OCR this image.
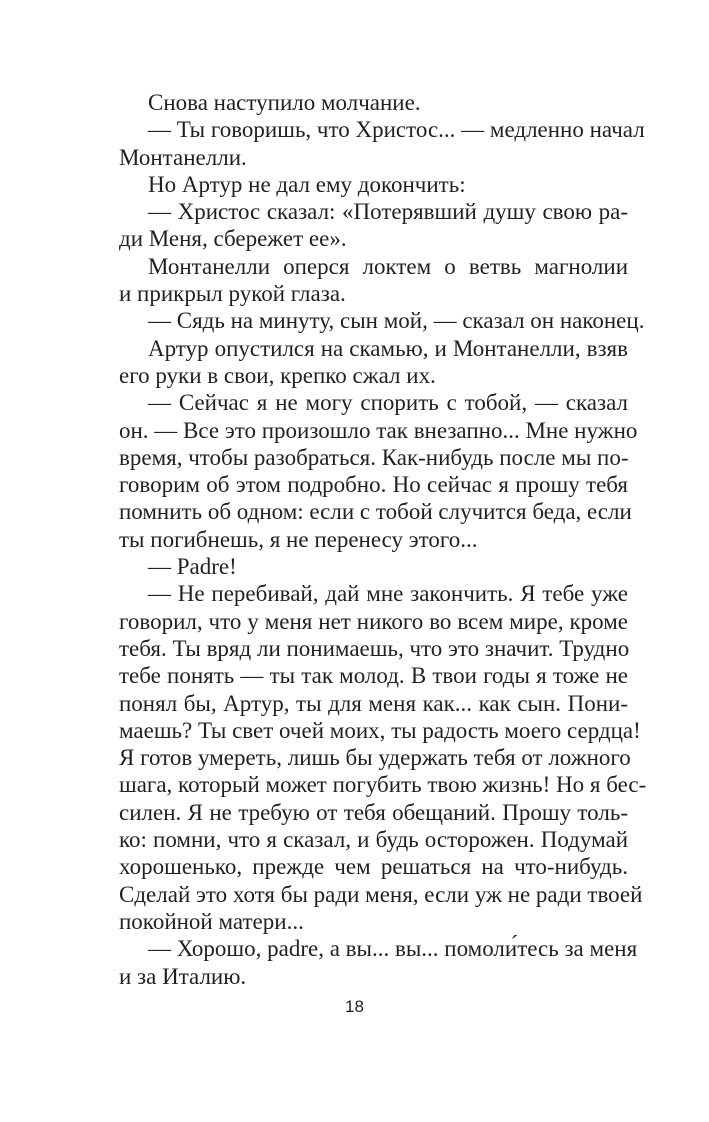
Снова наступило молчание.
— Ты говоришь, что Христос... — медленно начал
Монтанелли.
Но Артур не дал ему докончить:
— Христос сказал: «Потерявший душу свою ра-
ди Меня, сбережет ее».
Монтанелли оперся локтем о ветвь магнолии
и прикрыл рукой глаза.
— Сядь на минуту, сын мой, — сказал он наконец.
Артур опустился на скамью, и Монтанелли, взяв
его руки в свои, крепко сжал их.
— Сейчас я не могу спорить с тобой, — сказал
он. — Все это произошло так внезапно... Мне нужно
время, чтобы разобраться. Как-нибудь после мы по-
говорим об этом подробно. Но сейчас я прошу тебя
помнить об одном: если с тобой случится беда, если
ты погибнешь, я не перенесу этого...
— Padre!
— Не перебивай, дай мне закончить. Я тебе уже
говорил, что у меня нет никого во всем мире, кроме
тебя. Ты вряд ли понимаешь, что это значит. Трудно
тебе понять — ты так молод. В твои годы я тоже не
понял бы, Артур, ты для меня как... как сын. Пони-
маешь? Ты свет очей моих, ты радость моего сердца!
Я готов умереть, лишь бы удержать тебя от ложного
шага, который может погубить твою жизнь! Но я бес-
силен. Я не требую от тебя обещаний. Прошу толь-
ко: помни, что я сказал, и будь осторожен. Подумай
хорошенько, прежде чем решаться на что-нибудь.
Сделай это хотя бы ради меня, если уж не ради твоей
покойной матери...
— Хорошо, padre, а вы... вы... помоли́тесь за меня
и за Италию.
18
